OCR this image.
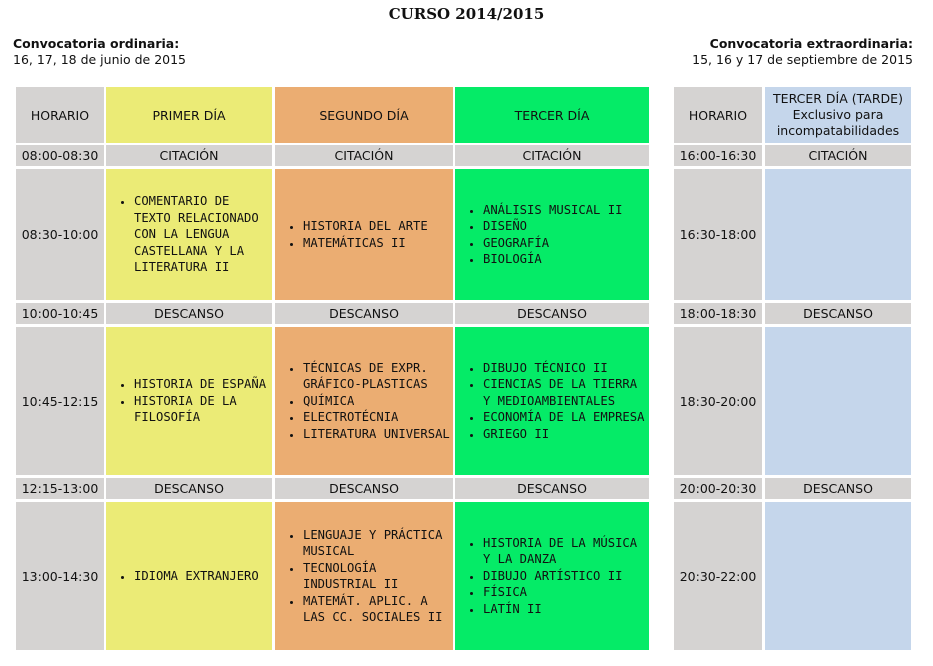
CURSO 2014/2015
Convocatoria ordinaria:
16, 17, 18 de junio de 2015
Convocatoria extraordinaria:
15, 16 y 17 de septiembre de 2015
HORARIO	PRIMER DÍA	SEGUNDO DÍA	TERCER DÍA
08:00-08:30	CITACIÓN	CITACIÓN	CITACIÓN
08:30-10:00
• COMENTARIO DE TEXTO RELACIONADO CON LA LENGUA CASTELLANA Y LA LITERATURA II
• HISTORIA DEL ARTE
• MATEMÁTICAS II
• ANÁLISIS MUSICAL II
• DISEÑO
• GEOGRAFÍA
• BIOLOGÍA
10:00-10:45	DESCANSO	DESCANSO	DESCANSO
10:45-12:15
• HISTORIA DE ESPAÑA
• HISTORIA DE LA FILOSOFÍA
• TÉCNICAS DE EXPR. GRÁFICO-PLASTICAS
• QUÍMICA
• ELECTROTÉCNIA
• LITERATURA UNIVERSAL
• DIBUJO TÉCNICO II
• CIENCIAS DE LA TIERRA Y MEDIOAMBIENTALES
• ECONOMÍA DE LA EMPRESA
• GRIEGO II
12:15-13:00	DESCANSO	DESCANSO	DESCANSO
13:00-14:30
•	IDIOMA EXTRANJERO
• LENGUAJE Y PRÁCTICA MUSICAL
• TECNOLOGÍA INDUSTRIAL II
• MATEMÁT. APLIC. A LAS CC. SOCIALES II
• HISTORIA DE LA MÚSICA Y LA DANZA
• DIBUJO ARTÍSTICO II
• FÍSICA
• LATÍN II
HORARIO
TERCER DÍA (TARDE)
Exclusivo para incompatabilidades
16:00-16:30	CITACIÓN
16:30-18:00
18:00-18:30	DESCANSO
18:30-20:00
20:00-20:30	DESCANSO
20:30-22:00
